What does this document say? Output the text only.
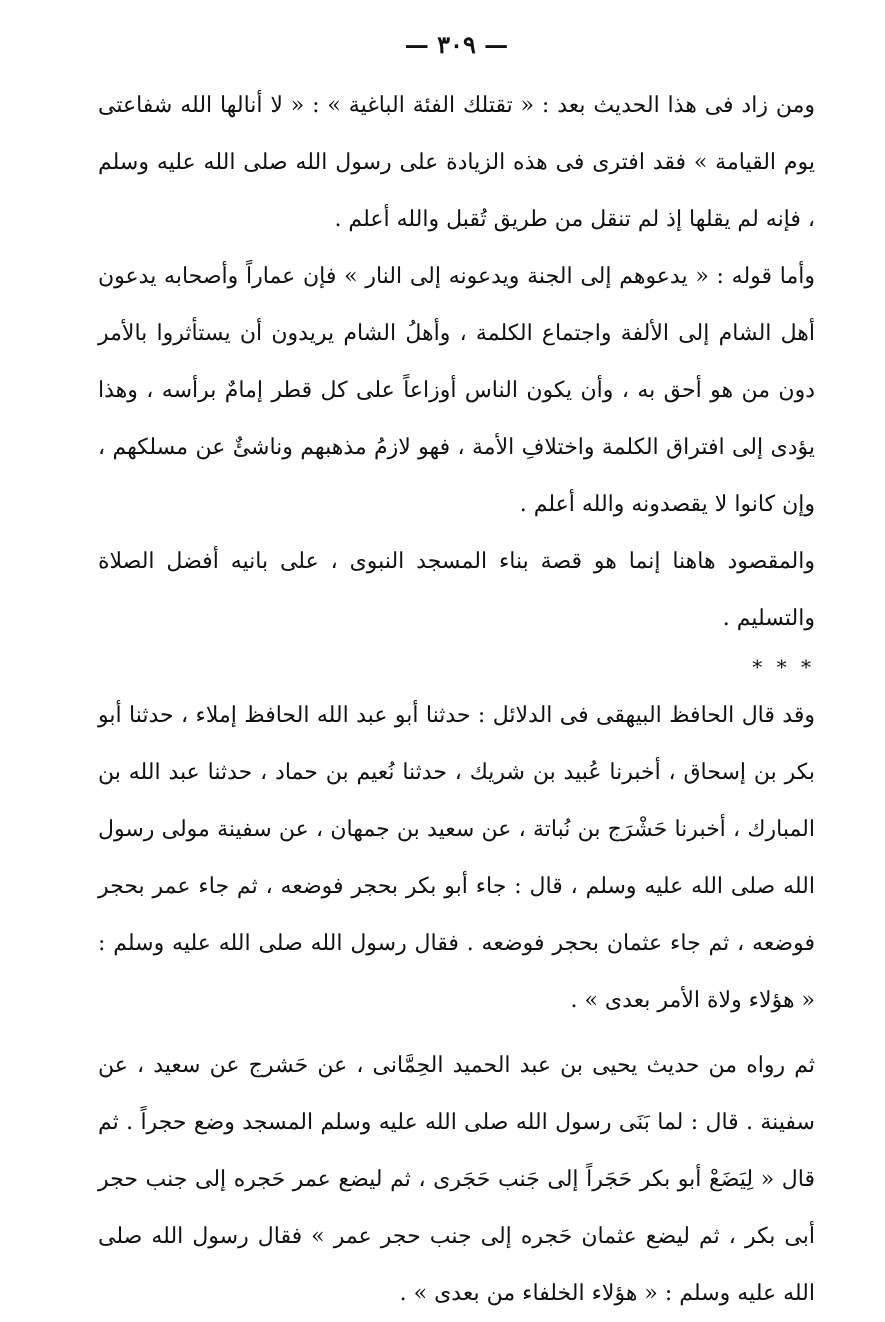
— ٣٠٩ —

ومن زاد فى هذا الحديث بعد : « تقتلك الفئة الباغية » : « لا أنالها الله شفاعتى يوم القيامة » فقد افترى فى هذه الزيادة على رسول الله صلى الله عليه وسلم ، فإنه لم يقلها إذ لم تنقل من طريق تُقبل والله أعلم .

وأما قوله : « يدعوهم إلى الجنة ويدعونه إلى النار » فإن عماراً وأصحابه يدعون أهل الشام إلى الألفة واجتماع الكلمة ، وأهلُ الشام يريدون أن يستأثروا بالأمر دون من هو أحق به ، وأن يكون الناس أوزاعاً على كل قطر إمامٌ برأسه ، وهذا يؤدى إلى افتراق الكلمة واختلافِ الأمة ، فهو لازمُ مذهبهم وناشئٌ عن مسلكهم ، وإن كانوا لا يقصدونه والله أعلم .

والمقصود هاهنا إنما هو قصة بناء المسجد النبوى ، على بانيه أفضل الصلاة والتسليم .

* * *

وقد قال الحافظ البيهقى فى الدلائل : حدثنا أبو عبد الله الحافظ إملاء ، حدثنا أبو بكر بن إسحاق ، أخبرنا عُبيد بن شريك ، حدثنا نُعيم بن حماد ، حدثنا عبد الله بن المبارك ، أخبرنا حَشْرَج بن نُباتة ، عن سعيد بن جمهان ، عن سفينة مولى رسول الله صلى الله عليه وسلم ، قال : جاء أبو بكر بحجر فوضعه ، ثم جاء عمر بحجر فوضعه ، ثم جاء عثمان بحجر فوضعه . فقال رسول الله صلى الله عليه وسلم : « هؤلاء ولاة الأمر بعدى » .

ثم رواه من حديث يحيى بن عبد الحميد الحِمَّانى ، عن حَشرج عن سعيد ، عن سفينة . قال : لما بَنَى رسول الله صلى الله عليه وسلم المسجد وضع حجراً . ثم قال « لِيَضَعْ أبو بكر حَجَراً إلى جَنب حَجَرى ، ثم ليضع عمر حَجره إلى جنب حجر أبى بكر ، ثم ليضع عثمان حَجره إلى جنب حجر عمر » فقال رسول الله صلى الله عليه وسلم : « هؤلاء الخلفاء من بعدى » .
